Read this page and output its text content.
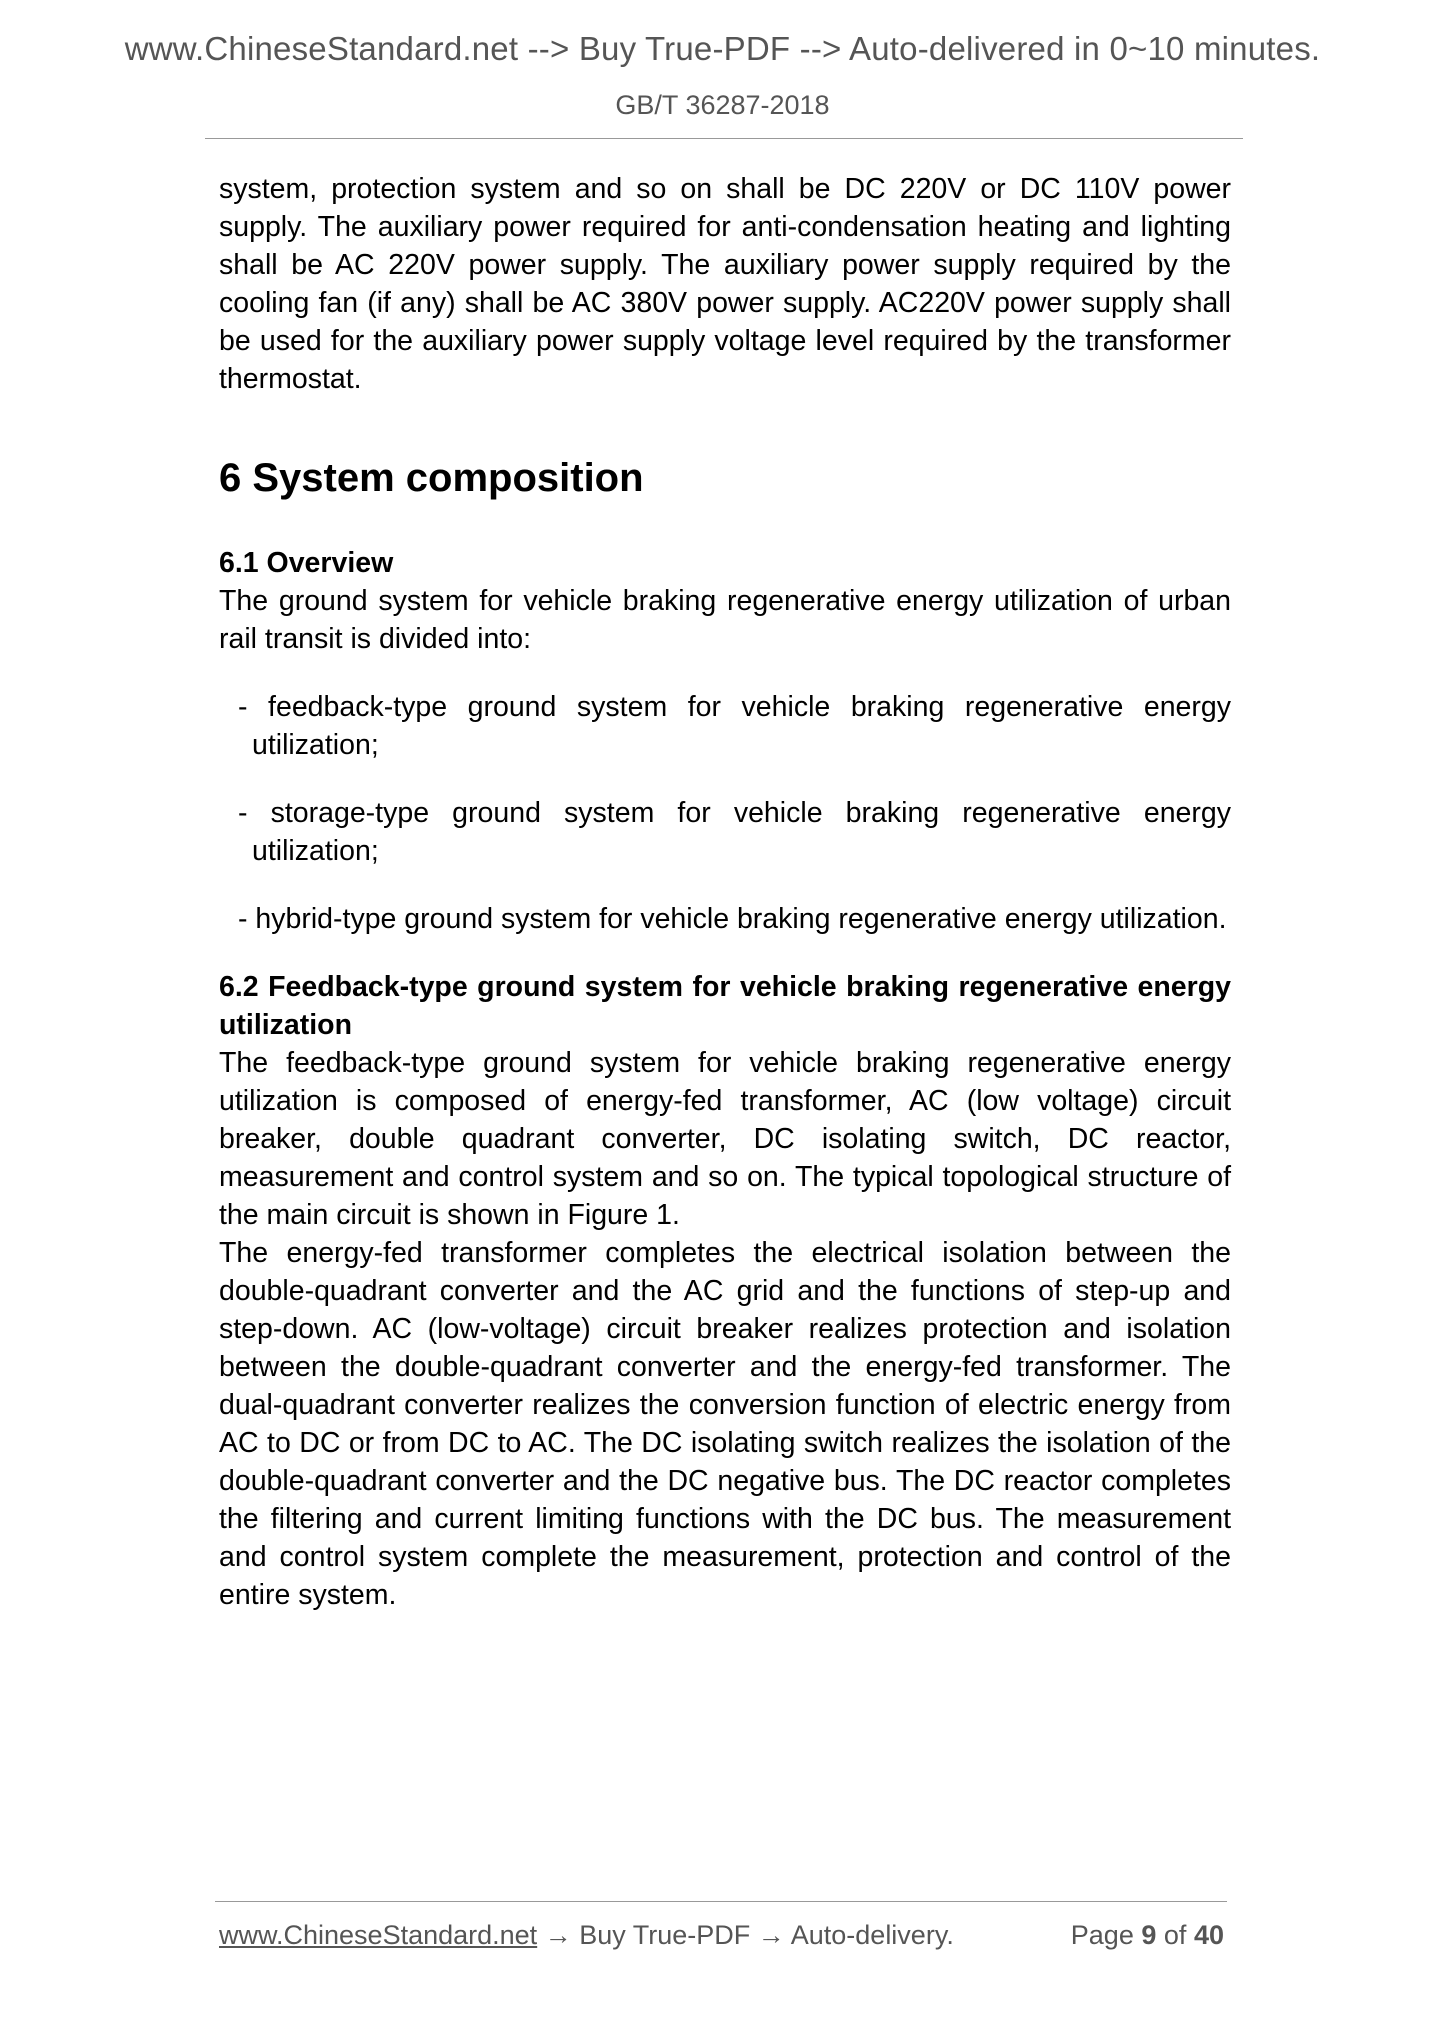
www.ChineseStandard.net --> Buy True-PDF --> Auto-delivered in 0~10 minutes.
GB/T 36287-2018

system, protection system and so on shall be DC 220V or DC 110V power supply. The auxiliary power required for anti-condensation heating and lighting shall be AC 220V power supply. The auxiliary power supply required by the cooling fan (if any) shall be AC 380V power supply. AC220V power supply shall be used for the auxiliary power supply voltage level required by the transformer thermostat.

6 System composition
6.1 Overview

The ground system for vehicle braking regenerative energy utilization of urban rail transit is divided into:

- feedback-type ground system for vehicle braking regenerative energy utilization;
- storage-type ground system for vehicle braking regenerative energy utilization;
- hybrid-type ground system for vehicle braking regenerative energy utilization.
6.2 Feedback-type ground system for vehicle braking regenerative energy utilization

The feedback-type ground system for vehicle braking regenerative energy utilization is composed of energy-fed transformer, AC (low voltage) circuit breaker, double quadrant converter, DC isolating switch, DC reactor, measurement and control system and so on. The typical topological structure of the main circuit is shown in Figure 1.

The energy-fed transformer completes the electrical isolation between the double-quadrant converter and the AC grid and the functions of step-up and step-down. AC (low-voltage) circuit breaker realizes protection and isolation between the double-quadrant converter and the energy-fed transformer. The dual-quadrant converter realizes the conversion function of electric energy from AC to DC or from DC to AC. The DC isolating switch realizes the isolation of the double-quadrant converter and the DC negative bus. The DC reactor completes the filtering and current limiting functions with the DC bus. The measurement and control system complete the measurement, protection and control of the entire system.

www.ChineseStandard.net → Buy True-PDF → Auto-delivery.	Page 9 of 40
